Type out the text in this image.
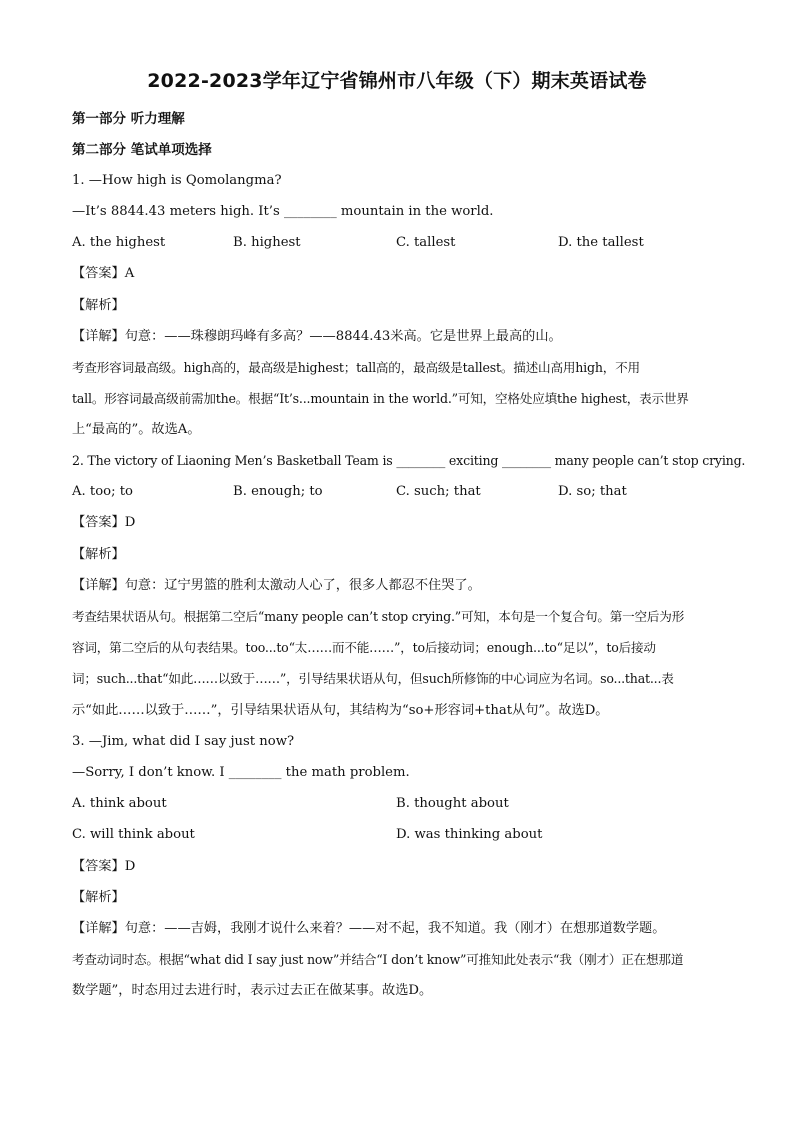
2022-2023学年辽宁省锦州市八年级（下）期末英语试卷
第一部分 听力理解
第二部分 笔试单项选择
1. —How high is Qomolangma?
—It’s 8844.43 meters high. It’s ________ mountain in the world.
A. the highest	B. highest	C. tallest	D. the tallest
【答案】A
【解析】
【详解】句意：——珠穆朗玛峰有多高？——8844.43米高。它是世界上最高的山。
考查形容词最高级。high高的，最高级是highest；tall高的，最高级是tallest。描述山高用high，不用
tall。形容词最高级前需加the。根据“It’s...mountain in the world.”可知，空格处应填the highest，表示世界
上“最高的”。故选A。
2. The victory of Liaoning Men’s Basketball Team is ________ exciting ________ many people can’t stop crying.
A. too; to	B. enough; to	C. such; that	D. so; that
【答案】D
【解析】
【详解】句意：辽宁男篮的胜利太激动人心了，很多人都忍不住哭了。
考查结果状语从句。根据第二空后“many people can’t stop crying.”可知，本句是一个复合句。第一空后为形
容词，第二空后的从句表结果。too...to“太……而不能……”，to后接动词；enough...to“足以”，to后接动
词；such...that“如此……以致于……”，引导结果状语从句，但such所修饰的中心词应为名词。so...that...表
示“如此……以致于……”，引导结果状语从句，其结构为“so+形容词+that从句”。故选D。
3. —Jim, what did I say just now?
—Sorry, I don’t know. I ________ the math problem.
A. think about	B. thought about
C. will think about	D. was thinking about
【答案】D
【解析】
【详解】句意：——吉姆，我刚才说什么来着？——对不起，我不知道。我（刚才）在想那道数学题。
考查动词时态。根据“what did I say just now”并结合“I don’t know”可推知此处表示“我（刚才）正在想那道
数学题”，时态用过去进行时，表示过去正在做某事。故选D。
